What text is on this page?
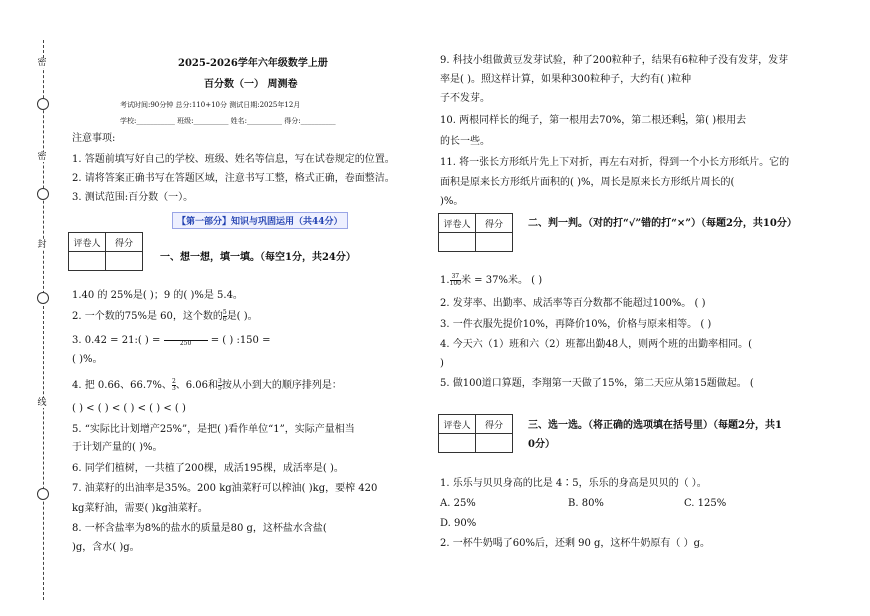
密
密
封
线
2025-2026学年六年级数学上册
百分数（一） 周测卷
考试时间:90分钟 总分:110+10分 测试日期:2025年12月
学校:___________ 班级:__________ 姓名:__________ 得分:__________
注意事项:
1. 答题前填写好自己的学校、班级、姓名等信息，写在试卷规定的位置。
2. 请将答案正确书写在答题区域，注意书写工整，格式正确，卷面整洁。
3. 测试范围:百分数（一）。
【第一部分】知识与巩固运用（共44分）
评卷人	得分

一、想一想，填一填。（每空1分，共24分）
1.40 的 25%是( )；9 的( )%是 5.4。
2. 一个数的75%是 60，这个数的 $\frac{5}{6}$ 是( )。
3. 0.42 = 21:( ) =
	250	= ( ) :150 =
( )%。
4. 把 0.66、66.7%、 $\frac{2}{3}$ 、6.06和 $\frac{3}{5}$ 按从小到大的顺序排列是：
( ) < ( ) < ( ) < ( ) < ( )
5. “实际比计划增产25%”，是把( )看作单位“1”，实际产量相当
于计划产量的( )%。
6. 同学们植树，一共植了200棵，成活195棵，成活率是( )。
7. 油菜籽的出油率是35%。200 kg油菜籽可以榨油( )kg，要榨 420
kg菜籽油，需要( )kg油菜籽。
8. 一杯含盐率为8%的盐水的质量是80 g，这杯盐水含盐(
)g，含水( )g。
9. 科技小组做黄豆发芽试验，种了200粒种子，结果有6粒种子没有发芽，发芽
率是( )。照这样计算，如果种300粒种子，大约有( )粒种
子不发芽。
10. 两根同样长的绳子，第一根用去70%，第二根还剩 $\frac{1}{3}$ ，第( )根用去
的长一些。
11. 将一张长方形纸片先上下对折，再左右对折，得到一个小长方形纸片。它的
面积是原来长方形纸片面积的( )%，周长是原来长方形纸片周长的(
)%。
评卷人	得分
		二、判一判。（对的打“√”错的打“×”）（每题2分，共10分）
1. $\frac{37}{100}$ 米 = 37%米。 ( )
2. 发芽率、出勤率、成活率等百分数都不能超过100%。 ( )
3. 一件衣服先提价10%，再降价10%，价格与原来相等。 ( )
4. 今天六（1）班和六（2）班都出勤48人，则两个班的出勤率相同。(
)
5. 做100道口算题，李翔第一天做了15%，第二天应从第15题做起。 (
评卷人	得分
		三、选一选。（将正确的选项填在括号里）（每题2分，共1
0分）
1. 乐乐与贝贝身高的比是 4∶5，乐乐的身高是贝贝的（ ）。
A. 25%	B. 80%	C. 125%
D. 90%
2. 一杯牛奶喝了60%后，还剩 90 g，这杯牛奶原有（ ）g。
